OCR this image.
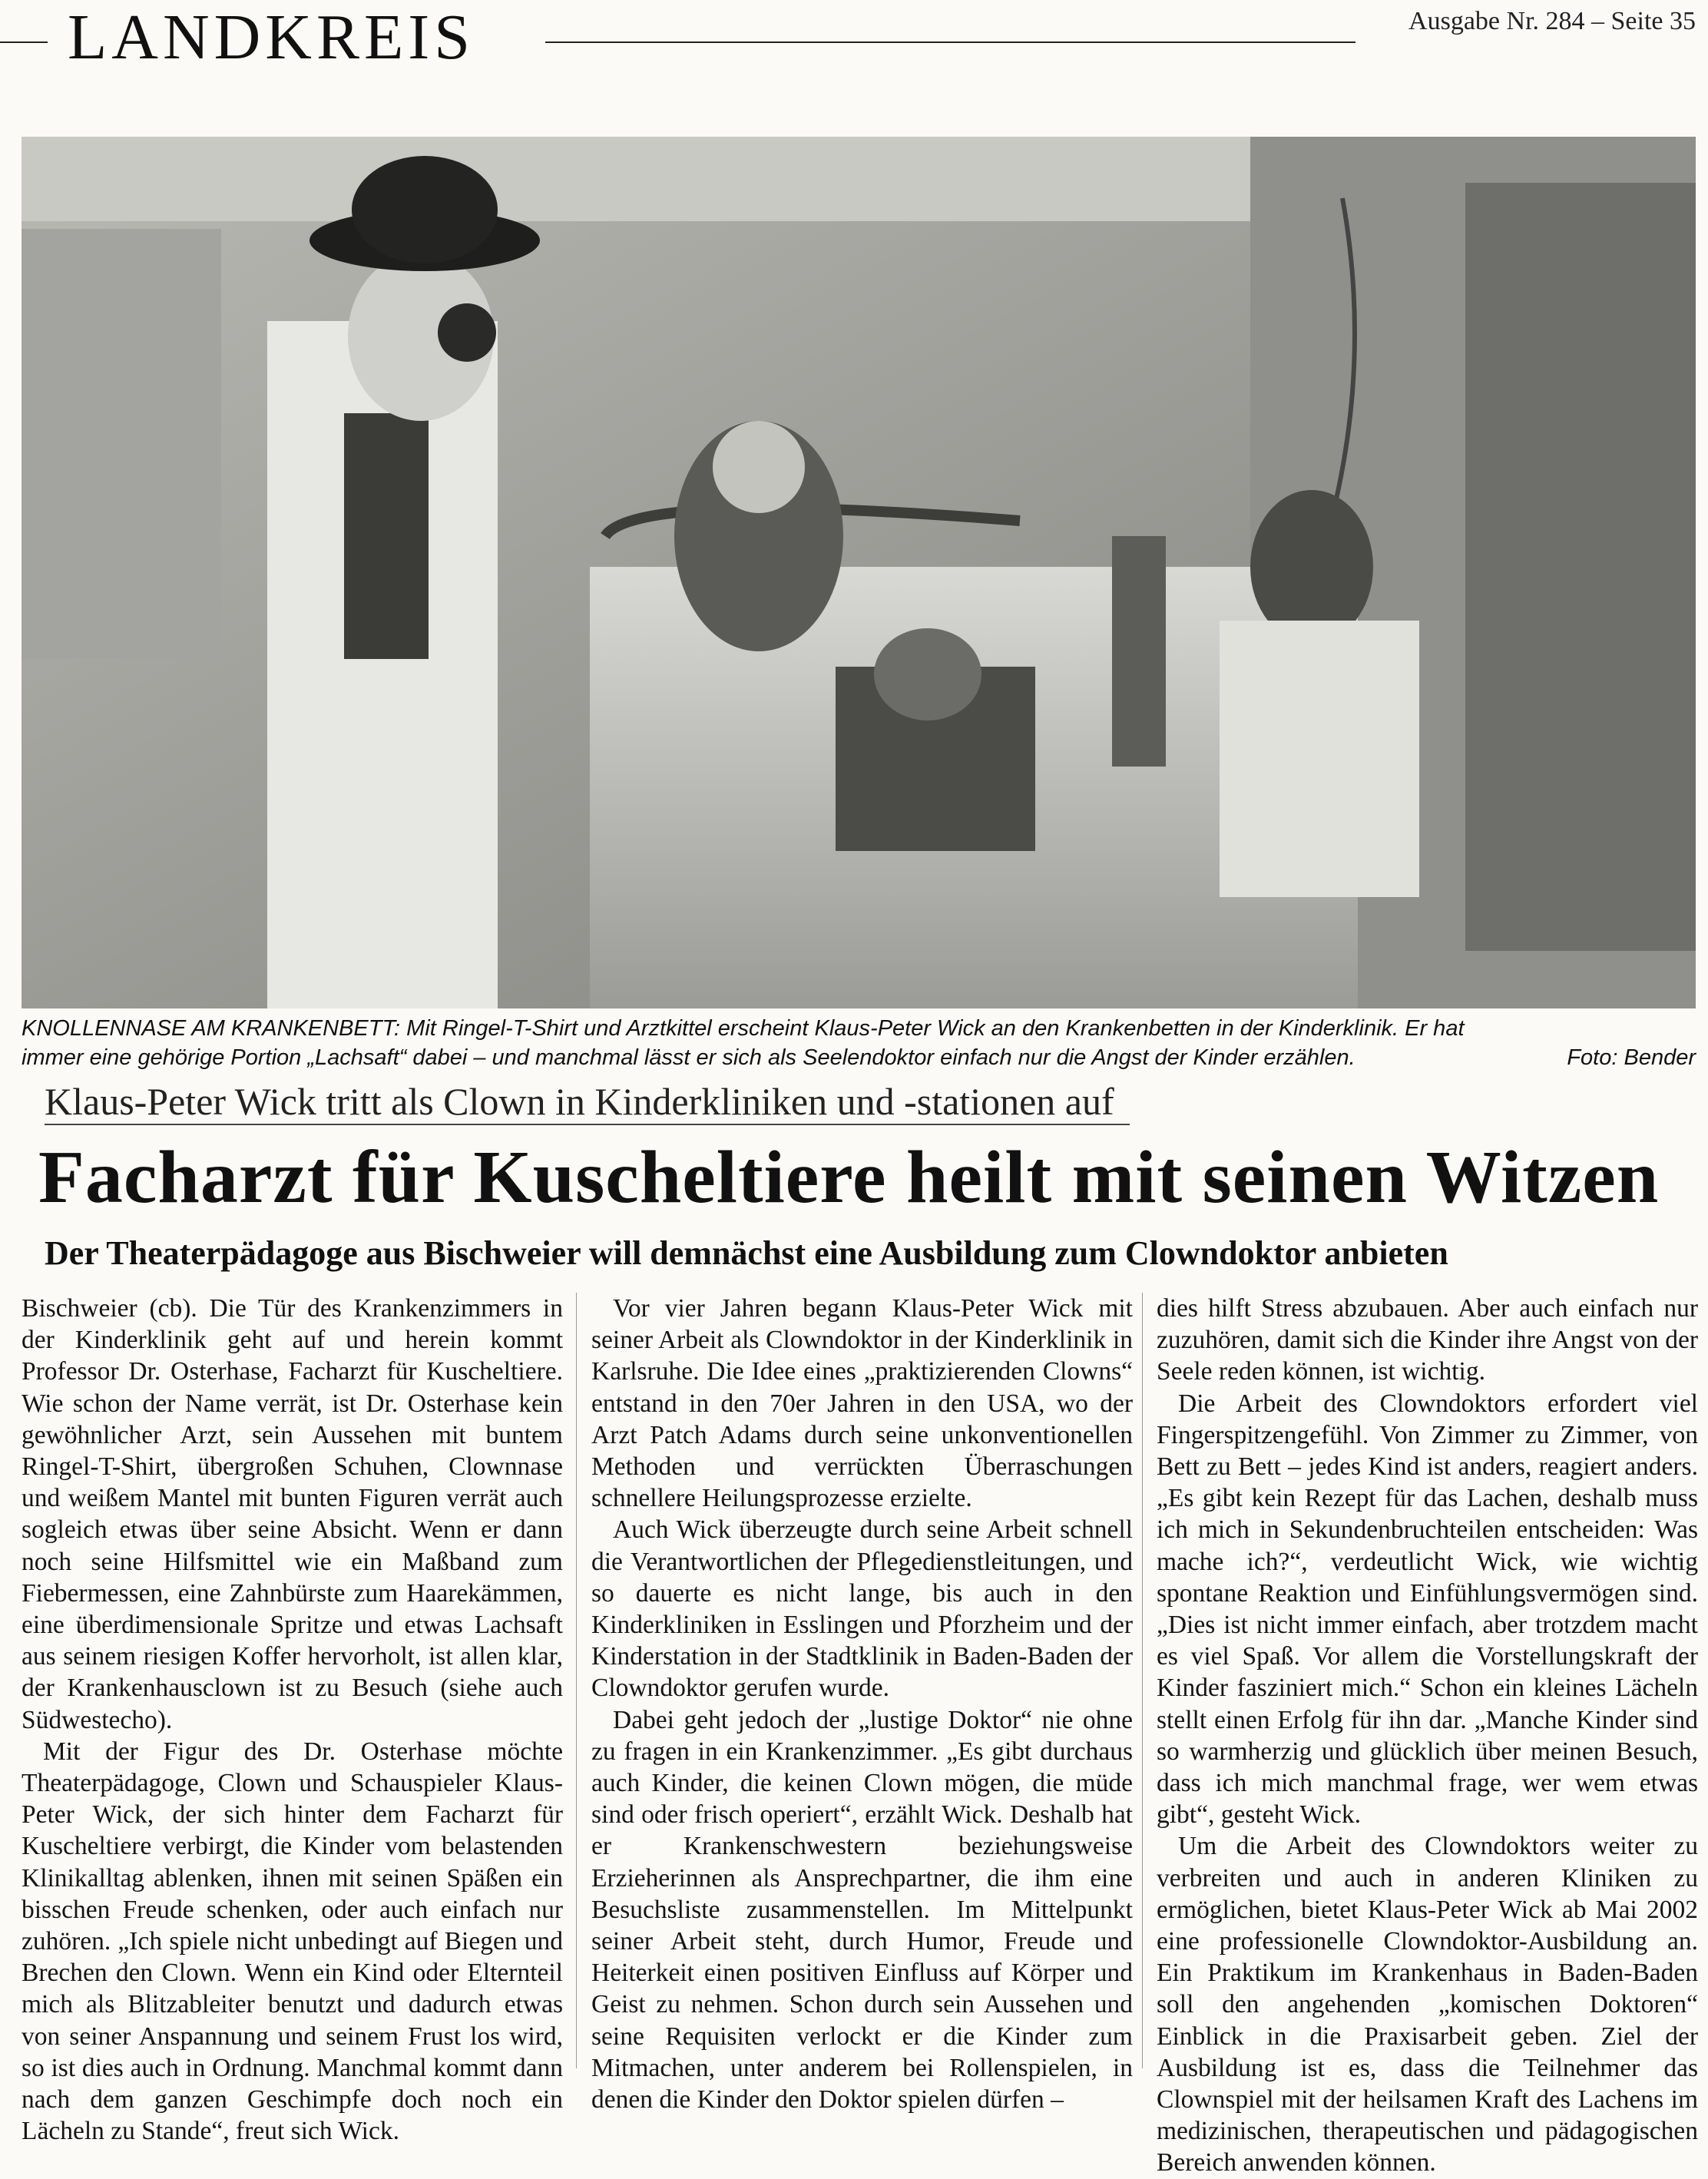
LANDKREIS	Ausgabe Nr. 284 – Seite 35
KNOLLENNASE AM KRANKENBETT: Mit Ringel-T-Shirt und Arztkittel erscheint Klaus-Peter Wick an den Krankenbetten in der Kinderklinik. Er hat immer eine gehörige Portion „Lachsaft“ dabei – und manchmal lässt er sich als Seelendoktor einfach nur die Angst der Kinder erzählen.	Foto: Bender
Klaus-Peter Wick tritt als Clown in Kinderkliniken und -stationen auf
Facharzt für Kuscheltiere heilt mit seinen Witzen
Der Theaterpädagoge aus Bischweier will demnächst eine Ausbildung zum Clowndoktor anbieten

Bischweier (cb). Die Tür des Krankenzimmers in der Kinderklinik geht auf und herein kommt Professor Dr. Osterhase, Facharzt für Kuscheltiere. Wie schon der Name verrät, ist Dr. Osterhase kein gewöhnlicher Arzt, sein Aussehen mit buntem Ringel-T-Shirt, übergroßen Schuhen, Clownnase und weißem Mantel mit bunten Figuren verrät auch sogleich etwas über seine Absicht. Wenn er dann noch seine Hilfsmittel wie ein Maßband zum Fiebermessen, eine Zahnbürste zum Haarekämmen, eine überdimensionale Spritze und etwas Lachsaft aus seinem riesigen Koffer hervorholt, ist allen klar, der Krankenhausclown ist zu Besuch (siehe auch Südwestecho).

Mit der Figur des Dr. Osterhase möchte Theaterpädagoge, Clown und Schauspieler Klaus-Peter Wick, der sich hinter dem Facharzt für Kuscheltiere verbirgt, die Kinder vom belastenden Klinikalltag ablenken, ihnen mit seinen Späßen ein bisschen Freude schenken, oder auch einfach nur zuhören. „Ich spiele nicht unbedingt auf Biegen und Brechen den Clown. Wenn ein Kind oder Elternteil mich als Blitzableiter benutzt und dadurch etwas von seiner Anspannung und seinem Frust los wird, so ist dies auch in Ordnung. Manchmal kommt dann nach dem ganzen Geschimpfe doch noch ein Lächeln zu Stande“, freut sich Wick.

Vor vier Jahren begann Klaus-Peter Wick mit seiner Arbeit als Clowndoktor in der Kinderklinik in Karlsruhe. Die Idee eines „praktizierenden Clowns“ entstand in den 70er Jahren in den USA, wo der Arzt Patch Adams durch seine unkonventionellen Methoden und verrückten Überraschungen schnellere Heilungsprozesse erzielte.

Auch Wick überzeugte durch seine Arbeit schnell die Verantwortlichen der Pflegedienstleitungen, und so dauerte es nicht lange, bis auch in den Kinderkliniken in Esslingen und Pforzheim und der Kinderstation in der Stadtklinik in Baden-Baden der Clowndoktor gerufen wurde.

Dabei geht jedoch der „lustige Doktor“ nie ohne zu fragen in ein Krankenzimmer. „Es gibt durchaus auch Kinder, die keinen Clown mögen, die müde sind oder frisch operiert“, erzählt Wick. Deshalb hat er Krankenschwestern beziehungsweise Erzieherinnen als Ansprechpartner, die ihm eine Besuchsliste zusammenstellen. Im Mittelpunkt seiner Arbeit steht, durch Humor, Freude und Heiterkeit einen positiven Einfluss auf Körper und Geist zu nehmen. Schon durch sein Aussehen und seine Requisiten verlockt er die Kinder zum Mitmachen, unter anderem bei Rollenspielen, in denen die Kinder den Doktor spielen dürfen –

dies hilft Stress abzubauen. Aber auch einfach nur zuzuhören, damit sich die Kinder ihre Angst von der Seele reden können, ist wichtig.

Die Arbeit des Clowndoktors erfordert viel Fingerspitzengefühl. Von Zimmer zu Zimmer, von Bett zu Bett – jedes Kind ist anders, reagiert anders. „Es gibt kein Rezept für das Lachen, deshalb muss ich mich in Sekundenbruchteilen entscheiden: Was mache ich?“, verdeutlicht Wick, wie wichtig spontane Reaktion und Einfühlungsvermögen sind. „Dies ist nicht immer einfach, aber trotzdem macht es viel Spaß. Vor allem die Vorstellungskraft der Kinder fasziniert mich.“ Schon ein kleines Lächeln stellt einen Erfolg für ihn dar. „Manche Kinder sind so warmherzig und glücklich über meinen Besuch, dass ich mich manchmal frage, wer wem etwas gibt“, gesteht Wick.

Um die Arbeit des Clowndoktors weiter zu verbreiten und auch in anderen Kliniken zu ermöglichen, bietet Klaus-Peter Wick ab Mai 2002 eine professionelle Clowndoktor-Ausbildung an. Ein Praktikum im Krankenhaus in Baden-Baden soll den angehenden „komischen Doktoren“ Einblick in die Praxisarbeit geben. Ziel der Ausbildung ist es, dass die Teilnehmer das Clownspiel mit der heilsamen Kraft des Lachens im medizinischen, therapeutischen und pädagogischen Bereich anwenden können.
